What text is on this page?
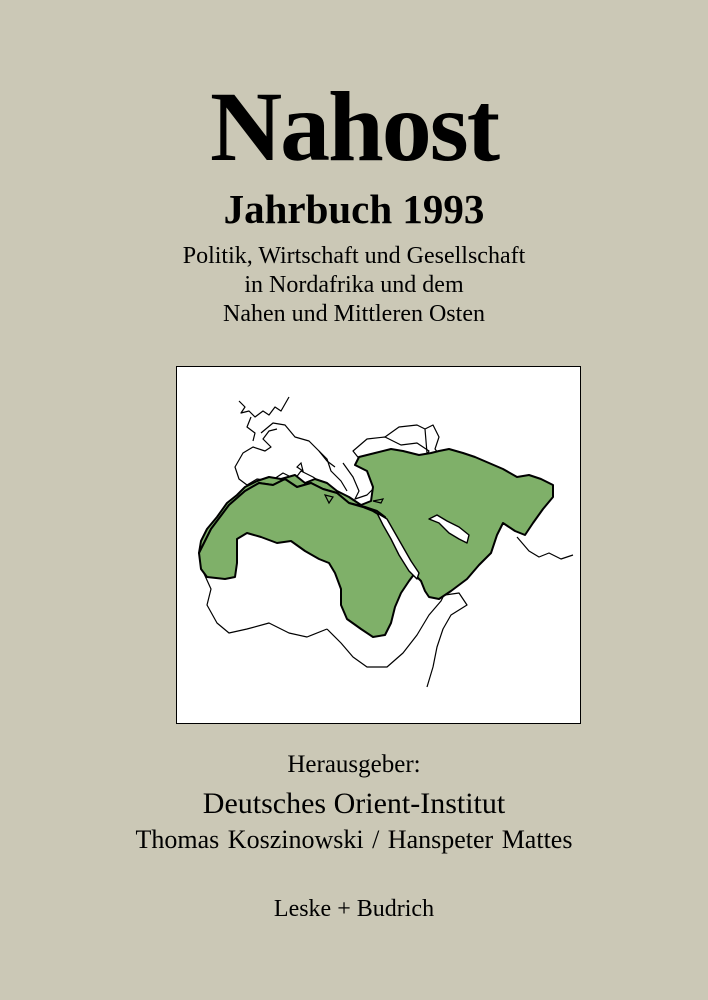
Nahost
Jahrbuch 1993
Politik, Wirtschaft und Gesellschaft
in Nordafrika und dem
Nahen und Mittleren Osten
Herausgeber:
Deutsches Orient-Institut
Thomas Koszinowski / Hanspeter Mattes
Leske + Budrich
